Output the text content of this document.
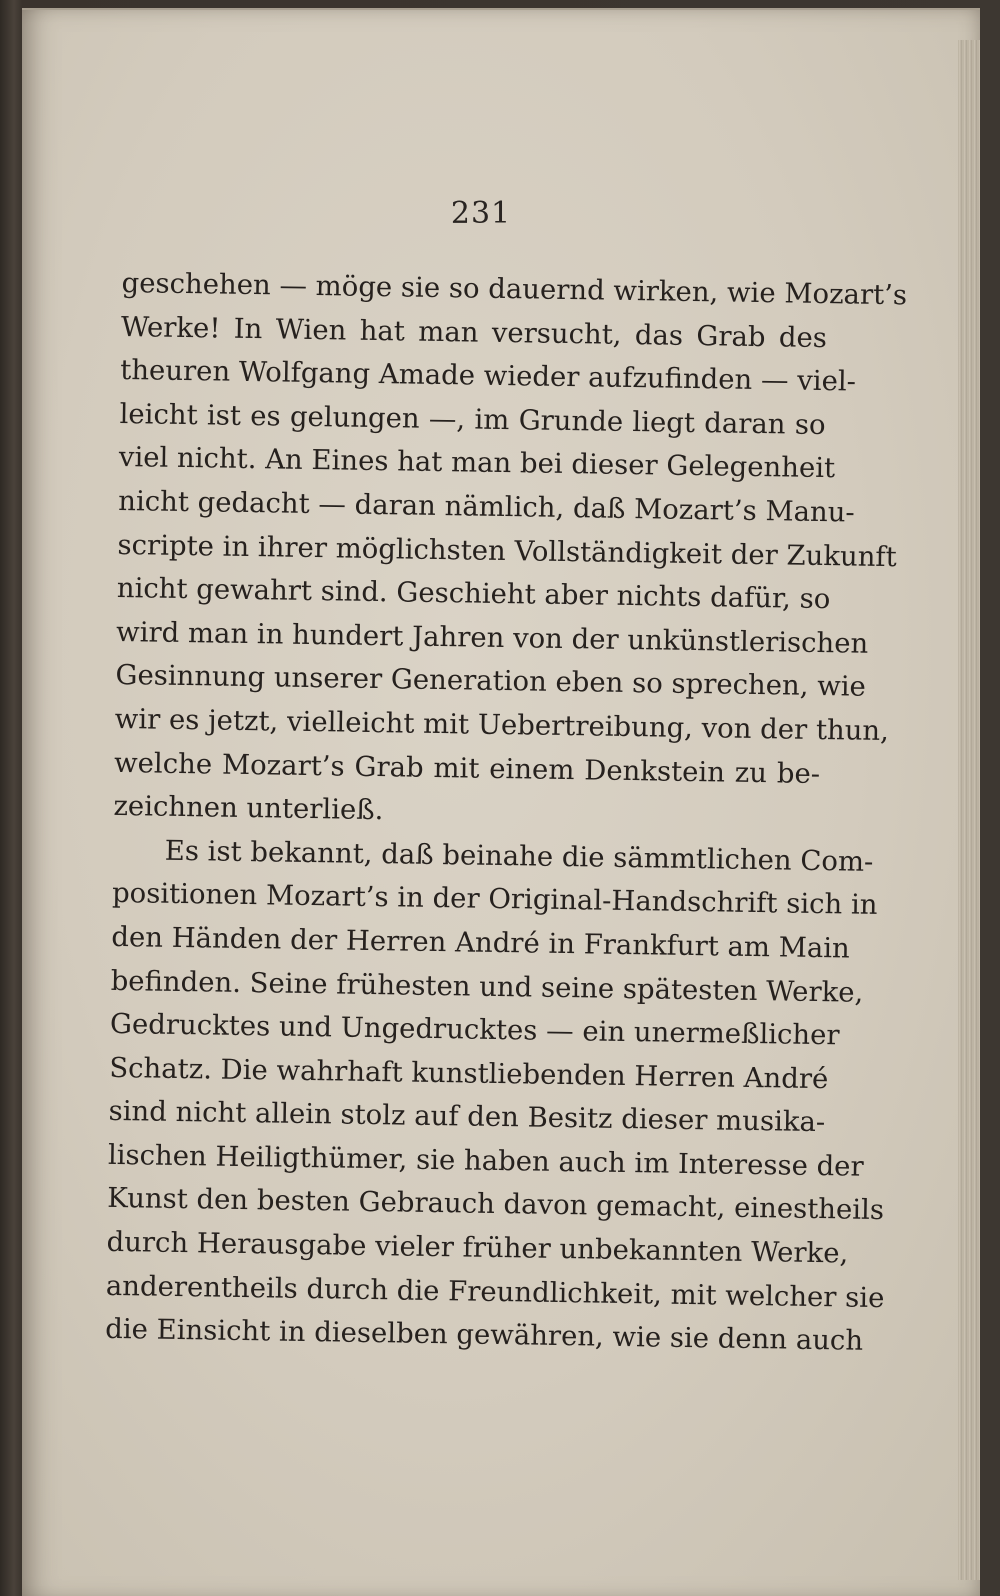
231
geschehen — möge sie so dauernd wirken, wie Mozart’s
Werke! In Wien hat man versucht, das Grab des
theuren Wolfgang Amade wieder aufzufinden — viel-
leicht ist es gelungen —, im Grunde liegt daran so
viel nicht. An Eines hat man bei dieser Gelegenheit
nicht gedacht — daran nämlich, daß Mozart’s Manu-
scripte in ihrer möglichsten Vollständigkeit der Zukunft
nicht gewahrt sind. Geschieht aber nichts dafür, so
wird man in hundert Jahren von der unkünstlerischen
Gesinnung unserer Generation eben so sprechen, wie
wir es jetzt, vielleicht mit Uebertreibung, von der thun,
welche Mozart’s Grab mit einem Denkstein zu be-
zeichnen unterließ.
Es ist bekannt, daß beinahe die sämmtlichen Com-
positionen Mozart’s in der Original-Handschrift sich in
den Händen der Herren André in Frankfurt am Main
befinden. Seine frühesten und seine spätesten Werke,
Gedrucktes und Ungedrucktes — ein unermeßlicher
Schatz. Die wahrhaft kunstliebenden Herren André
sind nicht allein stolz auf den Besitz dieser musika-
lischen Heiligthümer, sie haben auch im Interesse der
Kunst den besten Gebrauch davon gemacht, einestheils
durch Herausgabe vieler früher unbekannten Werke,
anderentheils durch die Freundlichkeit, mit welcher sie
die Einsicht in dieselben gewähren, wie sie denn auch
